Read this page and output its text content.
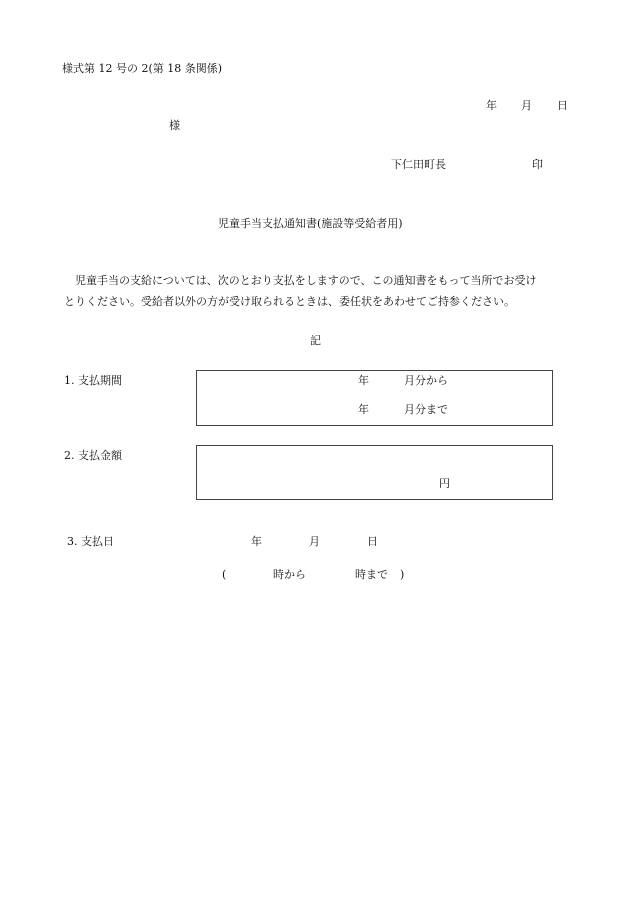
様式第 12 号の 2(第 18 条関係)
年 月 日
様
下仁田町長	印
児童手当支払通知書(施設等受給者用)
児童手当の支給については、次のとおり支払をしますので、この通知書をもって当所でお受け
とりください。受給者以外の方が受け取られるときは、委任状をあわせてご持参ください。
記
1. 支払期間	年	月分から
年	月分まで
2. 支払金額
円
3. 支払日	年	月	日
(	時から	時まで )
